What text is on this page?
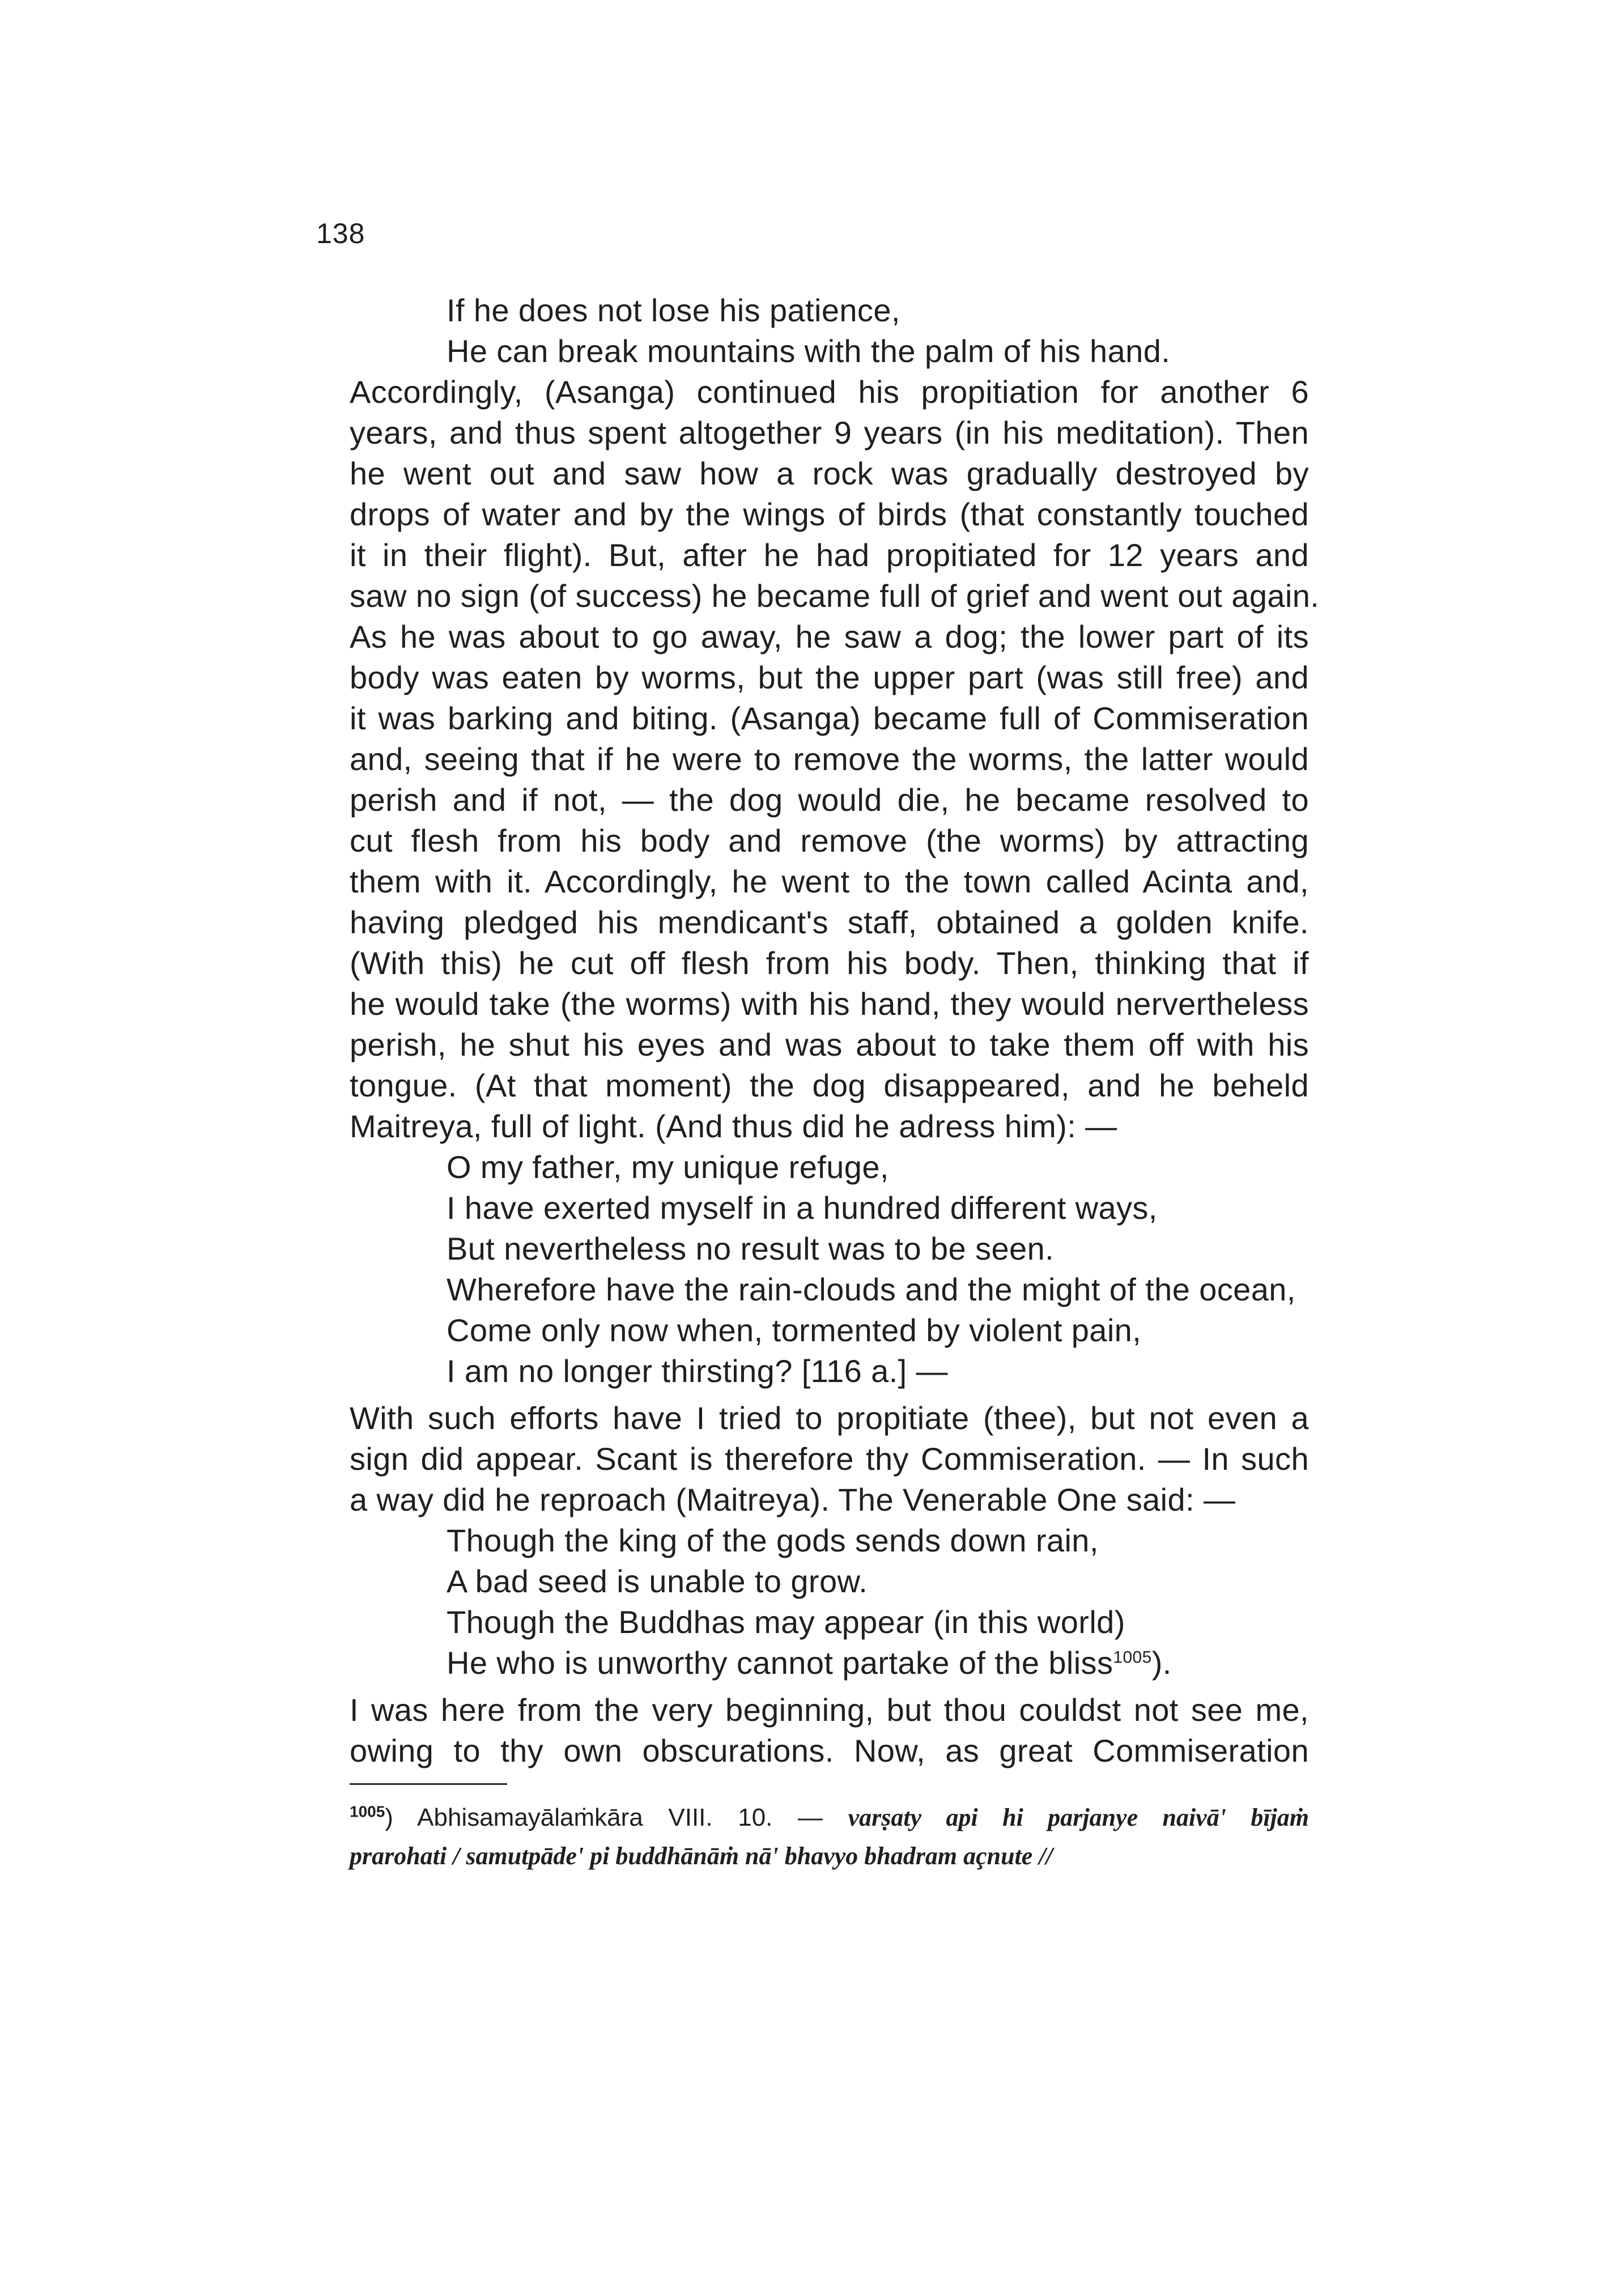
138
If he does not lose his patience,
He can break mountains with the palm of his hand.
Accordingly, (Asanga) continued his propitiation for another 6
years, and thus spent altogether 9 years (in his meditation). Then
he went out and saw how a rock was gradually destroyed by
drops of water and by the wings of birds (that constantly touched
it in their flight). But, after he had propitiated for 12 years and
saw no sign (of success) he became full of grief and went out again.
As he was about to go away, he saw a dog; the lower part of its
body was eaten by worms, but the upper part (was still free) and
it was barking and biting. (Asanga) became full of Commiseration
and, seeing that if he were to remove the worms, the latter would
perish and if not, — the dog would die, he became resolved to
cut flesh from his body and remove (the worms) by attracting
them with it. Accordingly, he went to the town called Acinta and,
having pledged his mendicant's staff, obtained a golden knife.
(With this) he cut off flesh from his body. Then, thinking that if
he would take (the worms) with his hand, they would nervertheless
perish, he shut his eyes and was about to take them off with his
tongue. (At that moment) the dog disappeared, and he beheld
Maitreya, full of light. (And thus did he adress him): —
O my father, my unique refuge,
I have exerted myself in a hundred different ways,
But nevertheless no result was to be seen.
Wherefore have the rain-clouds and the might of the ocean,
Come only now when, tormented by violent pain,
I am no longer thirsting? [116 a.] —
With such efforts have I tried to propitiate (thee), but not even a
sign did appear. Scant is therefore thy Commiseration. — In such
a way did he reproach (Maitreya). The Venerable One said: —
Though the king of the gods sends down rain,
A bad seed is unable to grow.
Though the Buddhas may appear (in this world)
He who is unworthy cannot partake of the bliss$^{1005}$).
I was here from the very beginning, but thou couldst not see me,
owing to thy own obscurations. Now, as great Commiseration
$^{1005}$) Abhisamayālaṁkāra VIII. 10. — varṣaty api hi parjanye naivā' bījaṁ
prarohati / samutpāde' pi buddhānāṁ nā' bhavyo bhadram açnute //
